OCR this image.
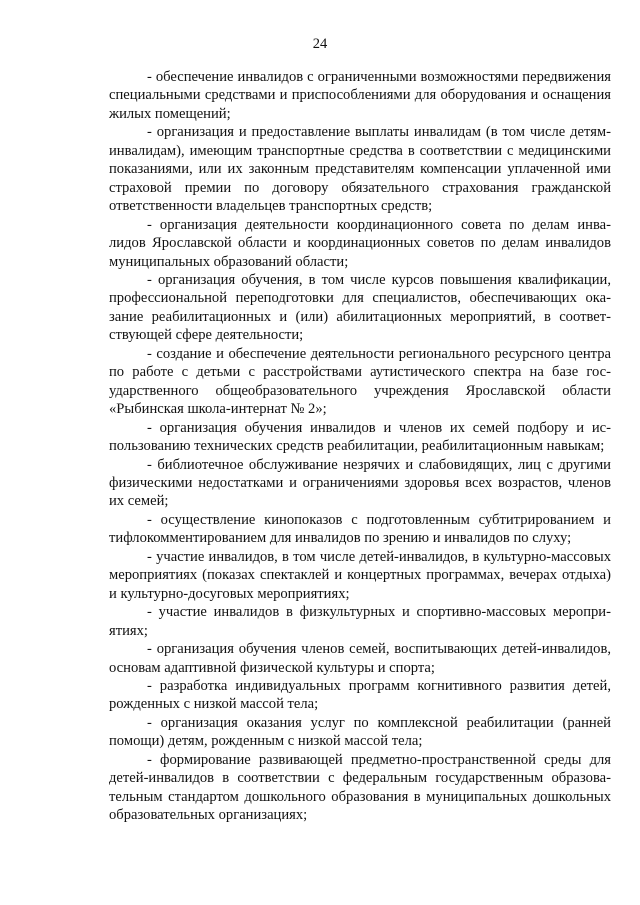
24

- обеспечение инвалидов с ограниченными возможностями передвижения специальными средствами и приспособлениями для оборудования и оснащения жилых помещений;

- организация и предоставление выплаты инвалидам (в том числе детям-инвалидам), имеющим транспортные средства в соответствии с медицинскими показаниями, или их законным представителям компенсации уплаченной ими страховой премии по договору обязательного страхования гражданской ответственности владельцев транспортных средств;

- организация деятельности координационного совета по делам инвалидов Ярославской области и координационных советов по делам инвалидов муниципальных образований области;

- организация обучения, в том числе курсов повышения квалификации, профессиональной переподготовки для специалистов, обеспечивающих оказание реабилитационных и (или) абилитационных мероприятий, в соответствующей сфере деятельности;

- создание и обеспечение деятельности регионального ресурсного центра по работе с детьми с расстройствами аутистического спектра на базе государственного общеобразовательного учреждения Ярославской области «Рыбинская школа-интернат № 2»;

- организация обучения инвалидов и членов их семей подбору и использованию технических средств реабилитации, реабилитационным навыкам;

- библиотечное обслуживание незрячих и слабовидящих, лиц с другими физическими недостатками и ограничениями здоровья всех возрастов, членов их семей;

- осуществление кинопоказов с подготовленным субтитрированием и тифлокомментированием для инвалидов по зрению и инвалидов по слуху;

- участие инвалидов, в том числе детей-инвалидов, в культурно-массовых мероприятиях (показах спектаклей и концертных программах, вечерах отдыха) и культурно-досуговых мероприятиях;

- участие инвалидов в физкультурных и спортивно-массовых мероприятиях;

- организация обучения членов семей, воспитывающих детей-инвалидов, основам адаптивной физической культуры и спорта;

- разработка индивидуальных программ когнитивного развития детей, рожденных с низкой массой тела;

- организация оказания услуг по комплексной реабилитации (ранней помощи) детям, рожденным с низкой массой тела;

- формирование развивающей предметно-пространственной среды для детей-инвалидов в соответствии с федеральным государственным образовательным стандартом дошкольного образования в муниципальных дошкольных образовательных организациях;
